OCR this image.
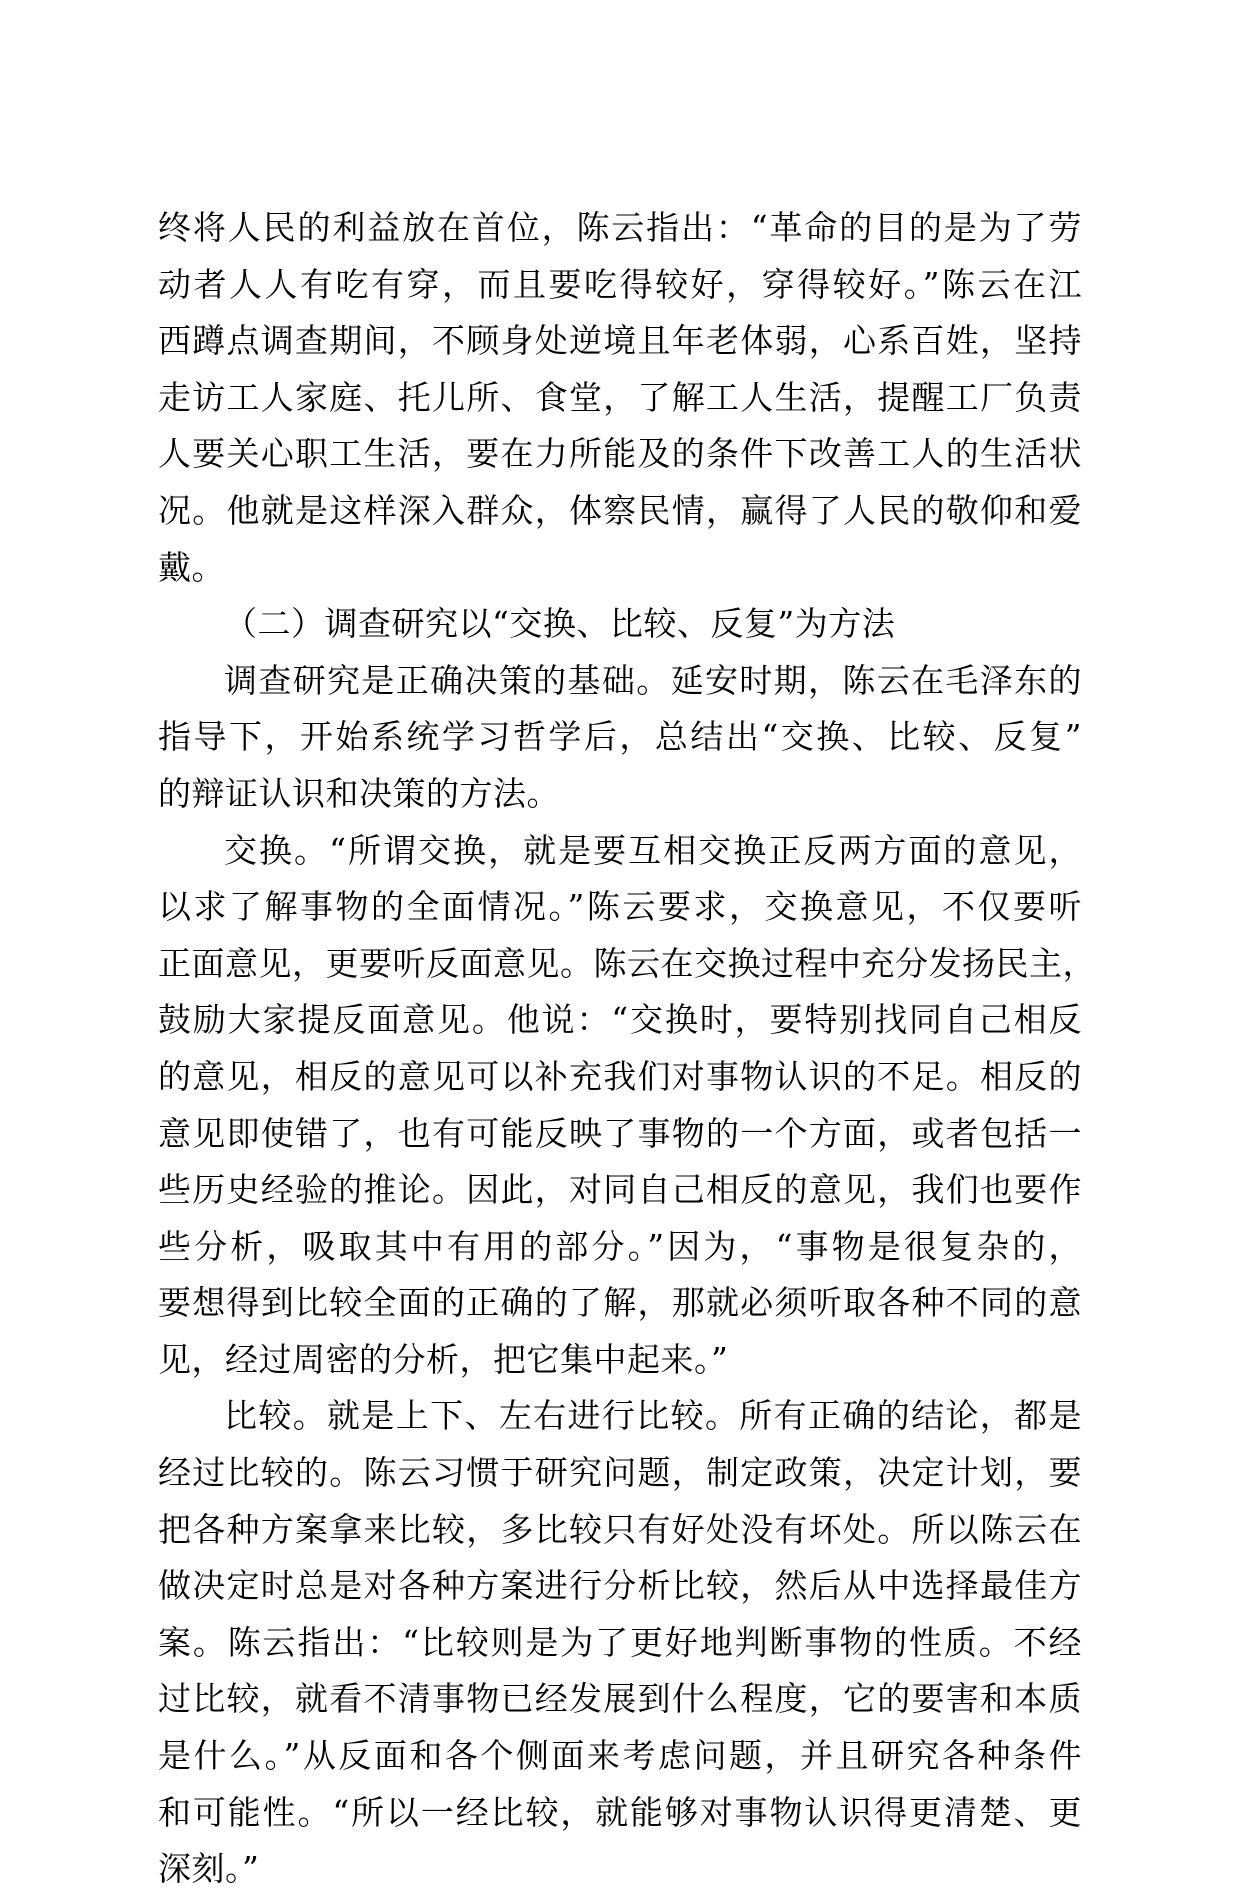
终将人民的利益放在首位，陈云指出：“革命的目的是为了劳
动者人人有吃有穿，而且要吃得较好，穿得较好。”陈云在江
西蹲点调查期间，不顾身处逆境且年老体弱，心系百姓，坚持
走访工人家庭、托儿所、食堂，了解工人生活，提醒工厂负责
人要关心职工生活，要在力所能及的条件下改善工人的生活状
况。他就是这样深入群众，体察民情，赢得了人民的敬仰和爱
戴。
（二）调查研究以“交换、比较、反复”为方法
调查研究是正确决策的基础。延安时期，陈云在毛泽东的
指导下，开始系统学习哲学后，总结出“交换、比较、反复”
的辩证认识和决策的方法。
交换。“所谓交换，就是要互相交换正反两方面的意见，
以求了解事物的全面情况。”陈云要求，交换意见，不仅要听
正面意见，更要听反面意见。陈云在交换过程中充分发扬民主，
鼓励大家提反面意见。他说：“交换时，要特别找同自己相反
的意见，相反的意见可以补充我们对事物认识的不足。相反的
意见即使错了，也有可能反映了事物的一个方面，或者包括一
些历史经验的推论。因此，对同自己相反的意见，我们也要作
些分析，吸取其中有用的部分。”因为，“事物是很复杂的，
要想得到比较全面的正确的了解，那就必须听取各种不同的意
见，经过周密的分析，把它集中起来。”
比较。就是上下、左右进行比较。所有正确的结论，都是
经过比较的。陈云习惯于研究问题，制定政策，决定计划，要
把各种方案拿来比较，多比较只有好处没有坏处。所以陈云在
做决定时总是对各种方案进行分析比较，然后从中选择最佳方
案。陈云指出：“比较则是为了更好地判断事物的性质。不经
过比较，就看不清事物已经发展到什么程度，它的要害和本质
是什么。”从反面和各个侧面来考虑问题，并且研究各种条件
和可能性。“所以一经比较，就能够对事物认识得更清楚、更
深刻。”
